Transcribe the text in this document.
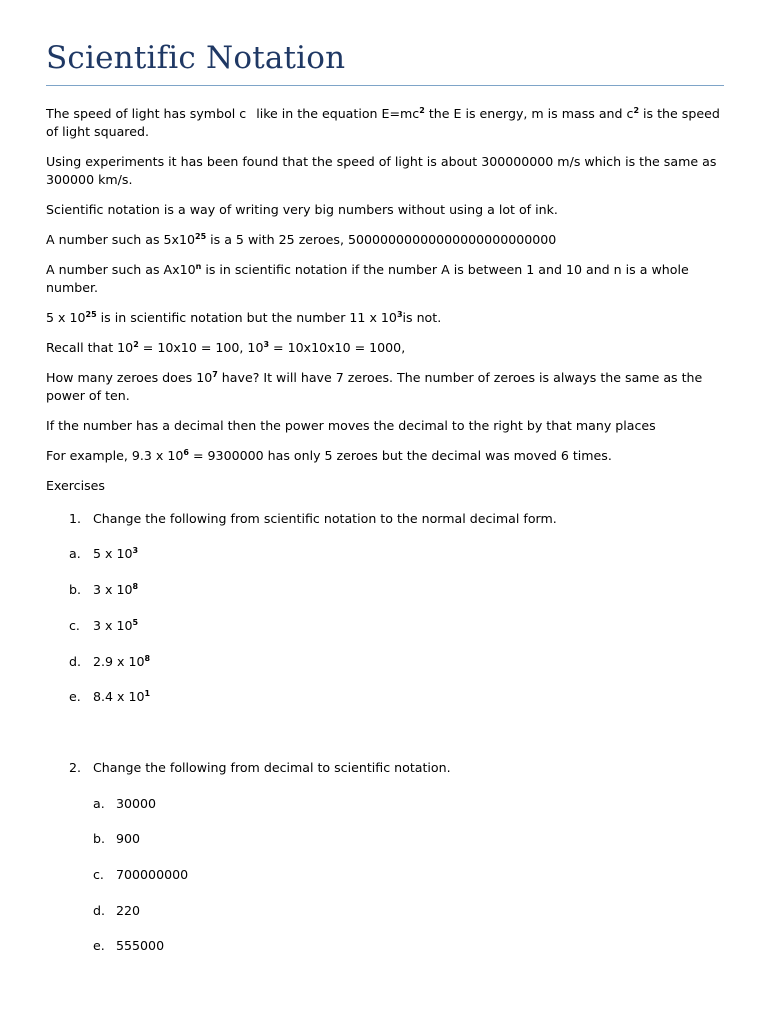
Scientific Notation

The speed of light has symbol c like in the equation $E=mc^2$ the E is energy, m is mass and $c^2$ is the speed of light squared.

Using experiments it has been found that the speed of light is about 300000000 m/s which is the same as 300000 km/s.

Scientific notation is a way of writing very big numbers without using a lot of ink.

A number such as $5x10^{25}$ is a 5 with 25 zeroes, 50000000000000000000000000

A number such as Ax10$^n$ is in scientific notation if the number A is between 1 and 10 and n is a whole number.

5 x $10^{25}$ is in scientific notation but the number 11 x $10^3is$ not.

Recall that $10^2 = 10x10 = 100$, $10^3 = 10x10x10 = 1000$,

How many zeroes does $10^7$ have? It will have 7 zeroes. The number of zeroes is always the same as the power of ten.

If the number has a decimal then the power moves the decimal to the right by that many places

For example, 9.3 x $10^6 = 9300000$ has only 5 zeroes but the decimal was moved 6 times.

Exercises

1. Change the following from scientific notation to the normal decimal form.
a. 5 x $10^3$
b. 3 x $10^8$
c. 3 x $10^5$
d. 2.9 x $10^8$
e. 8.4 x $10^1$
2. Change the following from decimal to scientific notation.
a. 30000
b. 900
c. 700000000
d. 220
e. 555000
